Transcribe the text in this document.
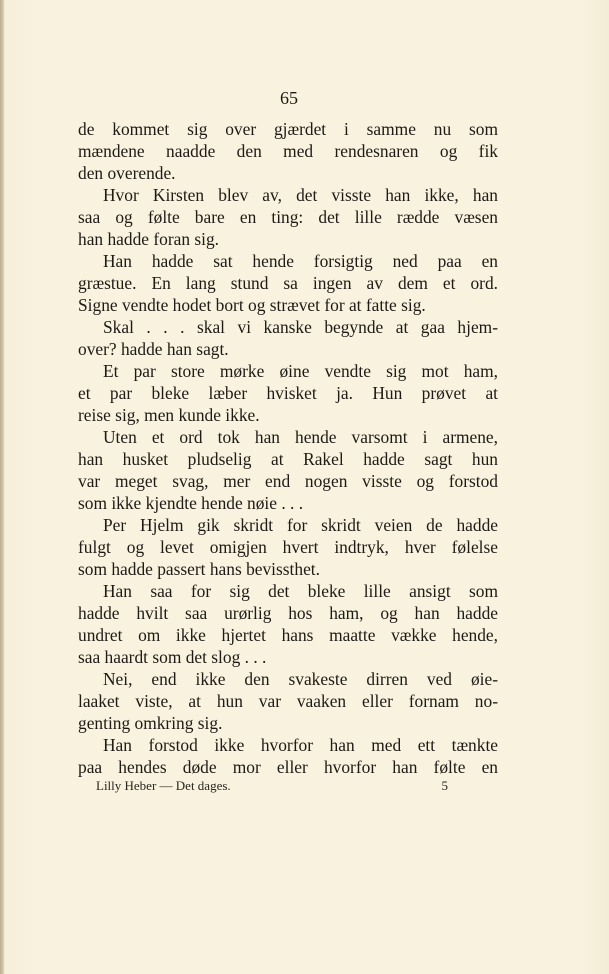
65
de kommet sig over gjærdet i samme nu som
mændene naadde den med rendesnaren og fik
den overende.
Hvor Kirsten blev av, det visste han ikke, han
saa og følte bare en ting: det lille rædde væsen
han hadde foran sig.
Han hadde sat hende forsigtig ned paa en
græstue. En lang stund sa ingen av dem et ord.
Signe vendte hodet bort og strævet for at fatte sig.
Skal . . . skal vi kanske begynde at gaa hjem-
over? hadde han sagt.
Et par store mørke øine vendte sig mot ham,
et par bleke læber hvisket ja. Hun prøvet at
reise sig, men kunde ikke.
Uten et ord tok han hende varsomt i armene,
han husket pludselig at Rakel hadde sagt hun
var meget svag, mer end nogen visste og forstod
som ikke kjendte hende nøie . . .
Per Hjelm gik skridt for skridt veien de hadde
fulgt og levet omigjen hvert indtryk, hver følelse
som hadde passert hans bevissthet.
Han saa for sig det bleke lille ansigt som
hadde hvilt saa urørlig hos ham, og han hadde
undret om ikke hjertet hans maatte vække hende,
saa haardt som det slog . . .
Nei, end ikke den svakeste dirren ved øie-
laaket viste, at hun var vaaken eller fornam no-
genting omkring sig.
Han forstod ikke hvorfor han med ett tænkte
paa hendes døde mor eller hvorfor han følte en
Lilly Heber — Det dages.	5
